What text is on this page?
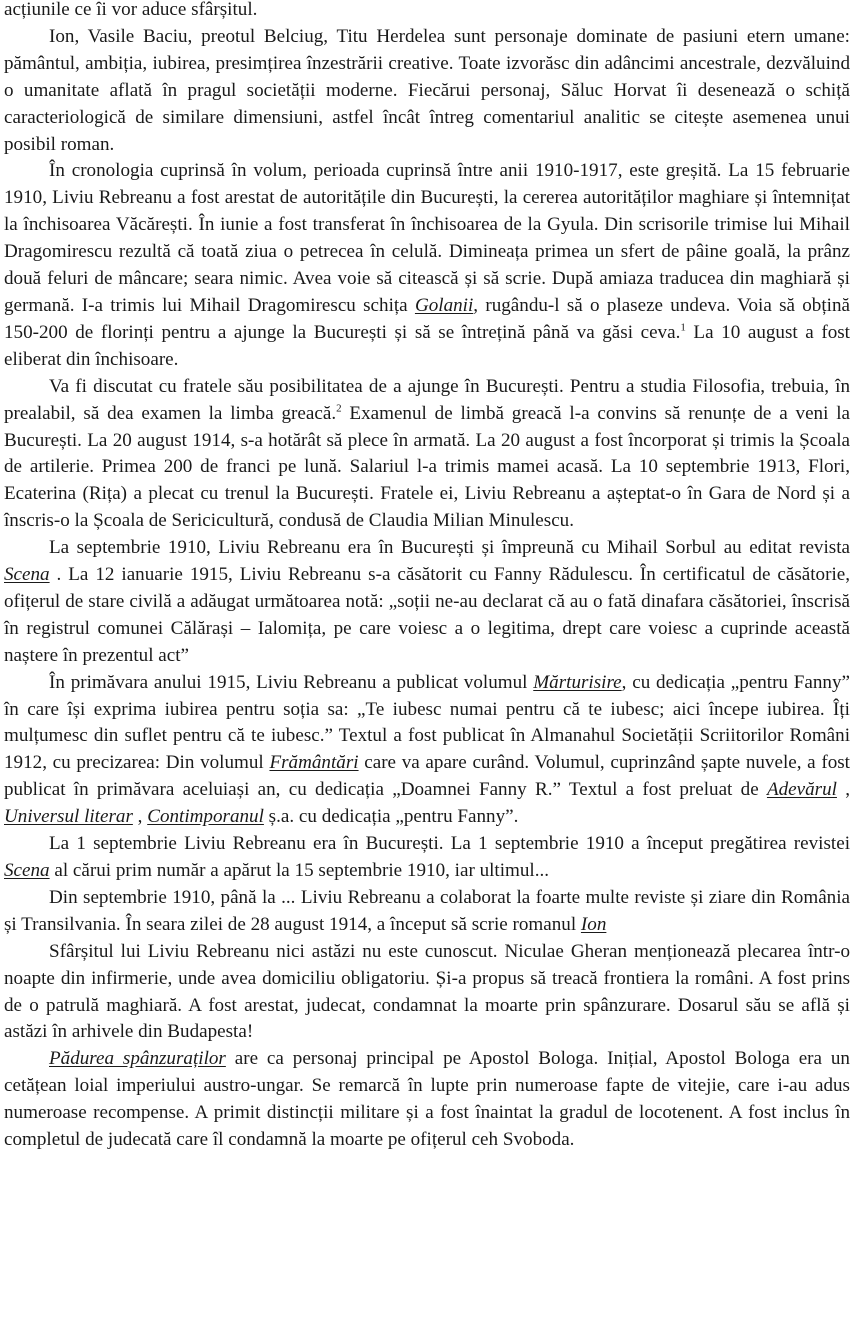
acțiunile ce îi vor aduce sfârșitul.

Ion, Vasile Baciu, preotul Belciug, Titu Herdelea sunt personaje dominate de pasiuni etern umane: pământul, ambiția, iubirea, presimțirea înzestrării creative. Toate izvorăsc din adâncimi ancestrale, dezvăluind o umanitate aflată în pragul societății moderne. Fiecărui personaj, Săluc Horvat îi desenează o schiță caracteriologică de similare dimensiuni, astfel încât întreg comentariul analitic se citește asemenea unui posibil roman.

În cronologia cuprinsă în volum, perioada cuprinsă între anii 1910-1917, este greșită. La 15 februarie 1910, Liviu Rebreanu a fost arestat de autoritățile din București, la cererea autorităților maghiare și întemnițat la închisoarea Văcărești. În iunie a fost transferat în închisoarea de la Gyula. Din scrisorile trimise lui Mihail Dragomirescu rezultă că toată ziua o petrecea în celulă. Dimineața primea un sfert de pâine goală, la prânz două feluri de mâncare; seara nimic. Avea voie să citească și să scrie. După amiaza traducea din maghiară și germană. I-a trimis lui Mihail Dragomirescu schița Golanii, rugându-l să o plaseze undeva. Voia să obțină 150-200 de florinți pentru a ajunge la București și să se întrețină până va găsi ceva.$^1$ La 10 august a fost eliberat din închisoare.

Va fi discutat cu fratele său posibilitatea de a ajunge în București. Pentru a studia Filosofia, trebuia, în prealabil, să dea examen la limba greacă.$^2$ Examenul de limbă greacă l-a convins să renunțe de a veni la București. La 20 august 1914, s-a hotărât să plece în armată. La 20 august a fost încorporat și trimis la Școala de artilerie. Primea 200 de franci pe lună. Salariul l-a trimis mamei acasă. La 10 septembrie 1913, Flori, Ecaterina (Rița) a plecat cu trenul la București. Fratele ei, Liviu Rebreanu a așteptat-o în Gara de Nord și a înscris-o la Școala de Sericicultură, condusă de Claudia Milian Minulescu.

La septembrie 1910, Liviu Rebreanu era în București și împreună cu Mihail Sorbul au editat revista Scena . La 12 ianuarie 1915, Liviu Rebreanu s-a căsătorit cu Fanny Rădulescu. În certificatul de căsătorie, ofițerul de stare civilă a adăugat următoarea notă: „soții ne-au declarat că au o fată dinafara căsătoriei, înscrisă în registrul comunei Călărași – Ialomița, pe care voiesc a o legitima, drept care voiesc a cuprinde această naștere în prezentul act”

În primăvara anului 1915, Liviu Rebreanu a publicat volumul Mărturisire, cu dedicația „pentru Fanny” în care își exprima iubirea pentru soția sa: „Te iubesc numai pentru că te iubesc; aici începe iubirea. Îți mulțumesc din suflet pentru că te iubesc.” Textul a fost publicat în Almanahul Societății Scriitorilor Români 1912, cu precizarea: Din volumul Frământări care va apare curând. Volumul, cuprinzând șapte nuvele, a fost publicat în primăvara aceluiași an, cu dedicația „Doamnei Fanny R.” Textul a fost preluat de Adevărul , Universul literar , Contimporanul ș.a. cu dedicația „pentru Fanny”.

La 1 septembrie Liviu Rebreanu era în București. La 1 septembrie 1910 a început pregătirea revistei Scena al cărui prim număr a apărut la 15 septembrie 1910, iar ultimul...

Din septembrie 1910, până la ... Liviu Rebreanu a colaborat la foarte multe reviste și ziare din România și Transilvania. În seara zilei de 28 august 1914, a început să scrie romanul Ion

Sfârșitul lui Liviu Rebreanu nici astăzi nu este cunoscut. Niculae Gheran menționează plecarea într-o noapte din infirmerie, unde avea domiciliu obligatoriu. Și-a propus să treacă frontiera la români. A fost prins de o patrulă maghiară. A fost arestat, judecat, condamnat la moarte prin spânzurare. Dosarul său se află și astăzi în arhivele din Budapesta!

Pădurea spânzuraților are ca personaj principal pe Apostol Bologa. Inițial, Apostol Bologa era un cetățean loial imperiului austro-ungar. Se remarcă în lupte prin numeroase fapte de vitejie, care i-au adus numeroase recompense. A primit distincții militare și a fost înaintat la gradul de locotenent. A fost inclus în completul de judecată care îl condamnă la moarte pe ofițerul ceh Svoboda.
